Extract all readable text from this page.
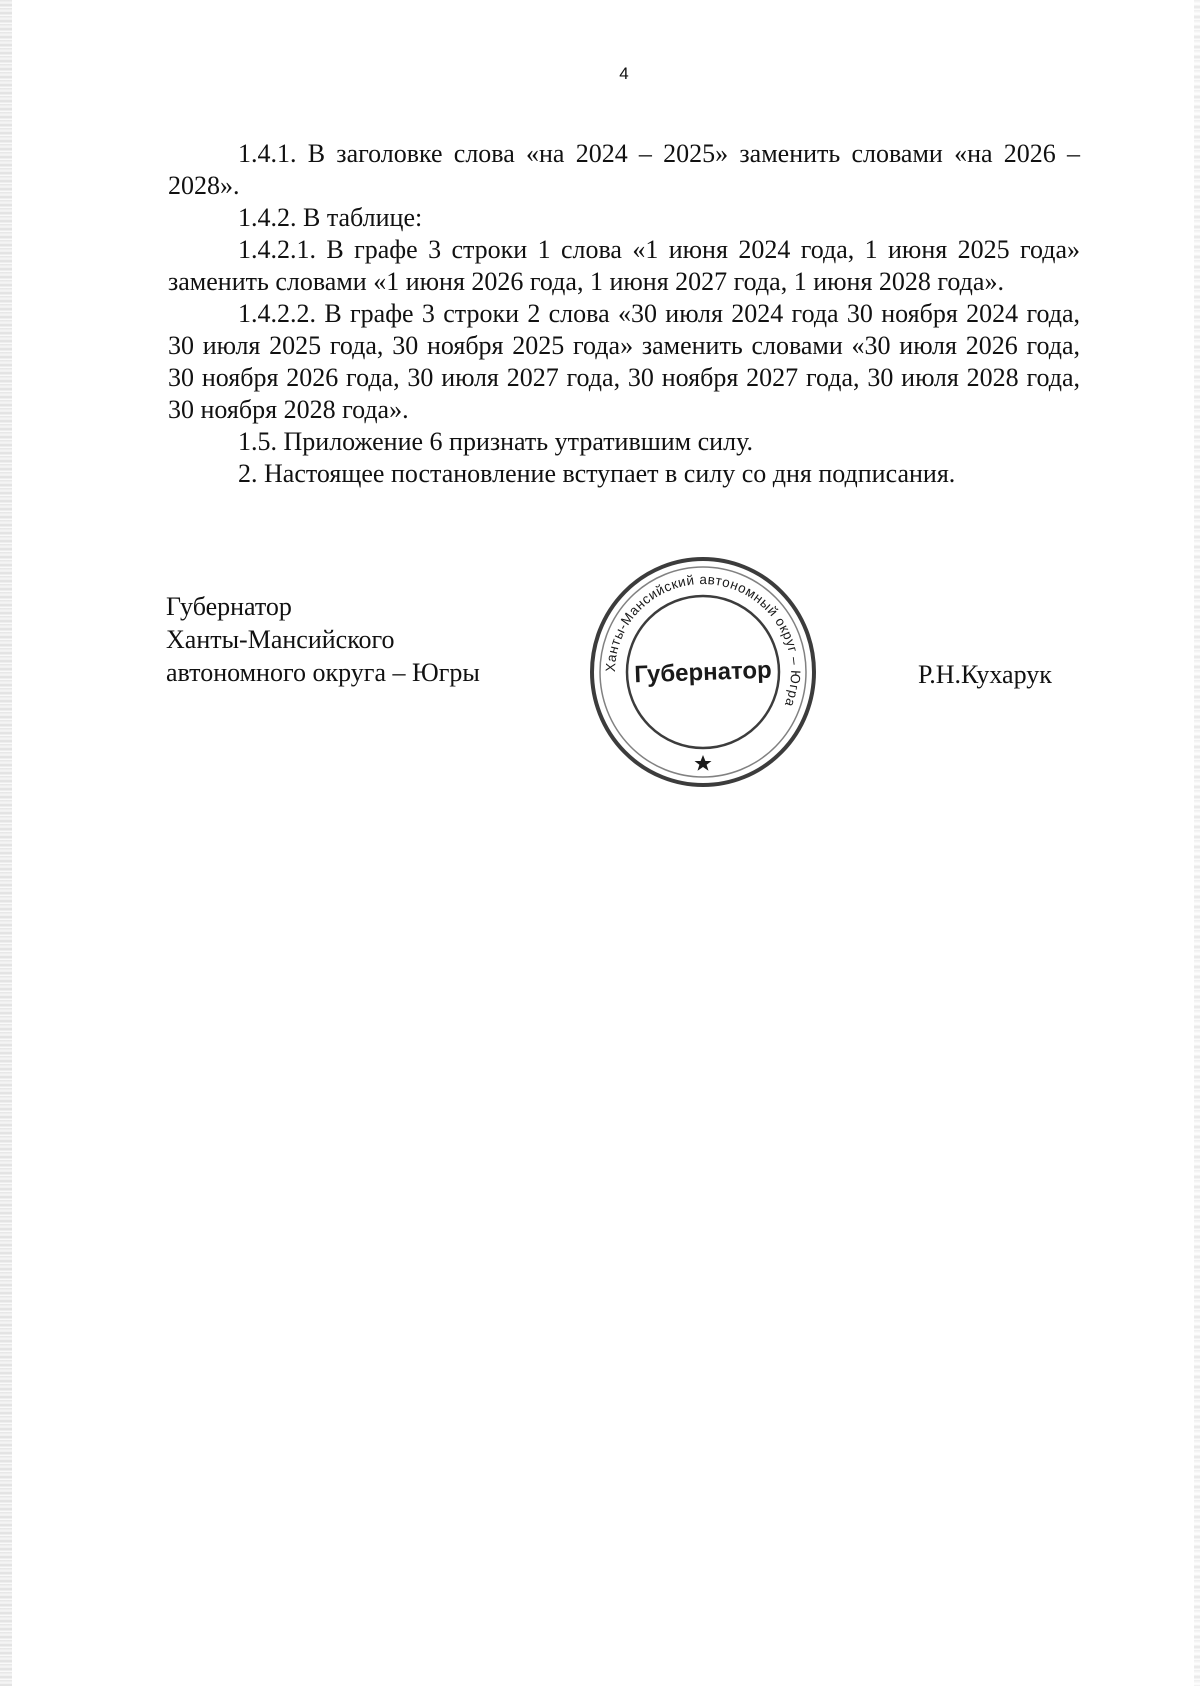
4

1.4.1. В заголовке слова «на 2024 – 2025» заменить словами «на 2026 – 2028».

1.4.2. В таблице:

1.4.2.1. В графе 3 строки 1 слова «1 июня 2024 года, 1 июня 2025 года» заменить словами «1 июня 2026 года, 1 июня 2027 года, 1 июня 2028 года».

1.4.2.2. В графе 3 строки 2 слова «30 июля 2024 года 30 ноября 2024 года, 30 июля 2025 года, 30 ноября 2025 года» заменить словами «30 июля 2026 года, 30 ноября 2026 года, 30 июля 2027 года, 30 ноября 2027 года, 30 июля 2028 года, 30 ноября 2028 года».

1.5. Приложение 6 признать утратившим силу.

2. Настоящее постановление вступает в силу со дня подписания.

Губернатор
Ханты-Мансийского
автономного округа – Югры	Ханты-Мансийский автономный округ – Югра
Губернатор	Р.Н.Кухарук
